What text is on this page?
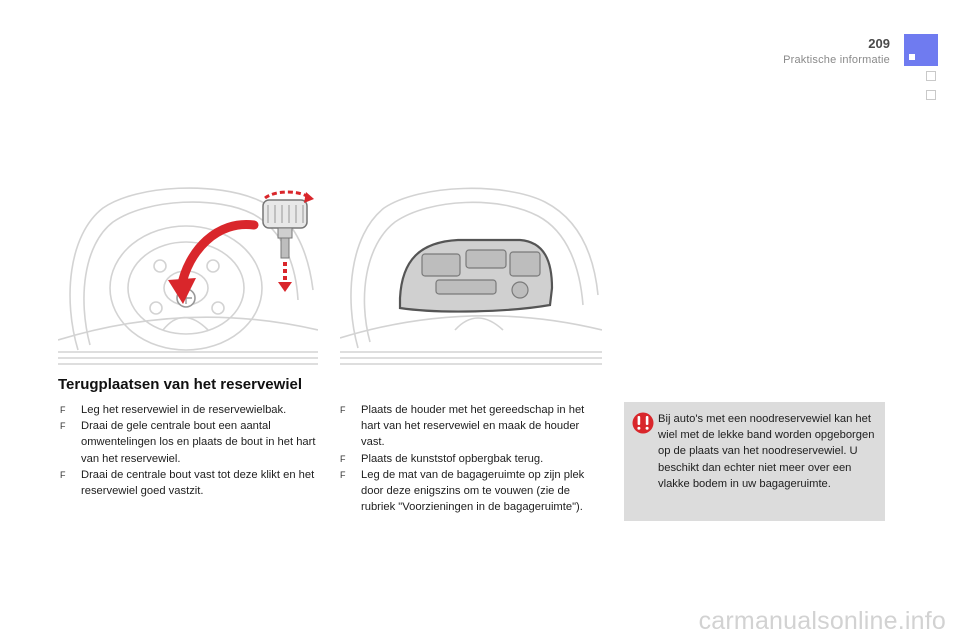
209
Praktische informatie
Terugplaatsen van het reservewiel
F Leg het reservewiel in de reservewielbak.
F Draai de gele centrale bout een aantal omwentelingen los en plaats de bout in het hart van het reservewiel.
F Draai de centrale bout vast tot deze klikt en het reservewiel goed vastzit.
F Plaats de houder met het gereedschap in het hart van het reservewiel en maak de houder vast.
F Plaats de kunststof opbergbak terug.
F Leg de mat van de bagageruimte op zijn plek door deze enigszins om te vouwen (zie de rubriek "Voorzieningen in de bagageruimte").

Bij auto's met een noodreservewiel kan het wiel met de lekke band worden opgeborgen op de plaats van het noodreservewiel. U beschikt dan echter niet meer over een vlakke bodem in uw bagageruimte.

carmanualsonline.info
